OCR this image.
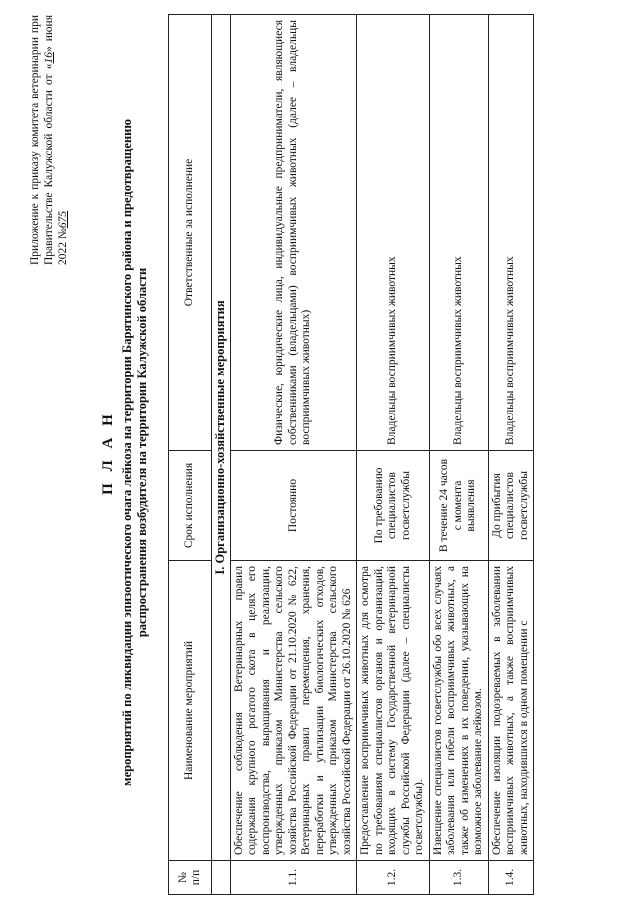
Приложение к приказу комитета ветеринарии при Правительстве Калужской области от «16» июня 2022 №675
П Л А Н мероприятий по ликвидации эпизоотического очага лейкоза на территории Барятинского района и предотвращению распространения возбудителя на территории Калужской области
№ п/п	Наименование мероприятий	Срок исполнения	Ответственные за исполнение
	I. Организационно-хозяйственные мероприятия		
1.1.	Обеспечение соблюдения Ветеринарных правил содержания крупного рогатого скота в целях его воспроизводства, выращивания и реализации, утвержденных приказом Министерства сельского хозяйства Российской Федерации от 21.10.2020 № 622, Ветеринарных правил перемещения, хранения, переработки и утилизации биологических отходов, утвержденных приказом Министерства сельского хозяйства Российской Федерации от 26.10.2020 № 626	Постоянно	Физические, юридические лица, индивидуальные предприниматели, являющиеся собственниками (владельцами) восприимчивых животных (далее – владельцы восприимчивых животных)
1.2.	Предоставление восприимчивых животных для осмотра по требованиям специалистов органов и организаций, входящих в систему Государственной ветеринарной службы Российской Федерации (далее – специалисты госветслужбы).	По требованию специалистов госветслужбы	Владельцы восприимчивых животных
1.3.	Извещение специалистов госветслужбы обо всех случаях заболевания или гибели восприимчивых животных, а также об изменениях в их поведении, указывающих на возможное заболевание лейкозом.	В течение 24 часов с момента выявления	Владельцы восприимчивых животных
1.4.	Обеспечение изоляции подозреваемых в заболевании восприимчивых животных, а также восприимчивых животных, находившихся в одном помещении с	До прибытия специалистов госветслужбы	Владельцы восприимчивых животных
